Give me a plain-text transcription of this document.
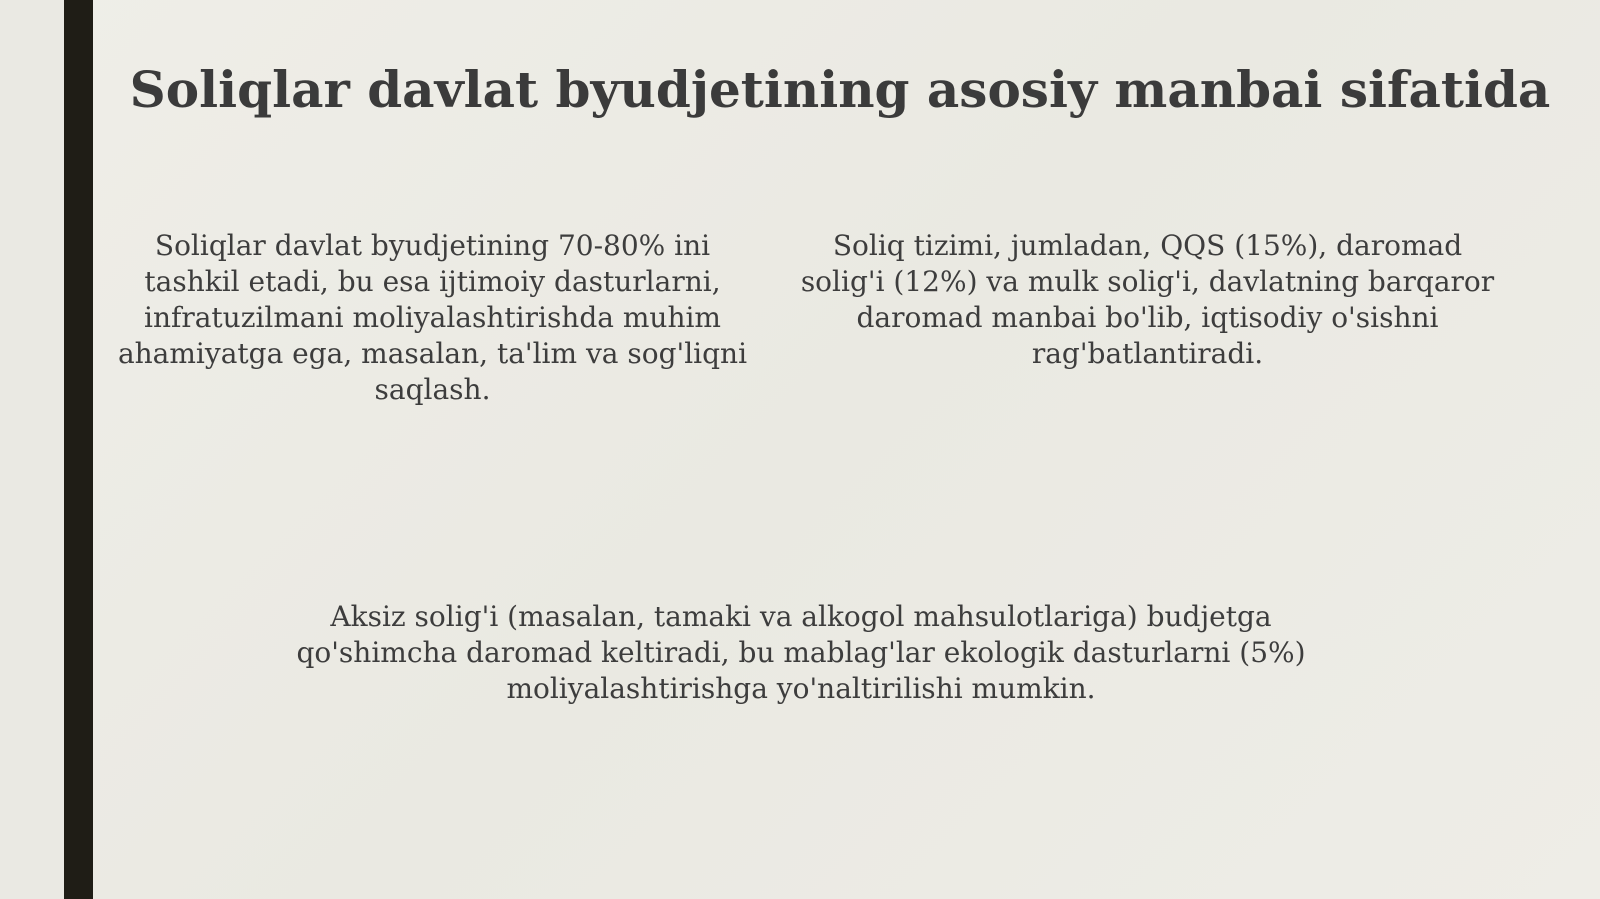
Soliqlar davlat byudjetining asosiy manbai sifatida

Soliqlar davlat byudjetining 70-80% ini tashkil etadi, bu esa ijtimoiy dasturlarni, infratuzilmani moliyalashtirishda muhim ahamiyatga ega, masalan, ta'lim va sog'liqni saqlash.

Soliq tizimi, jumladan, QQS (15%), daromad solig'i (12%) va mulk solig'i, davlatning barqaror daromad manbai bo'lib, iqtisodiy o'sishni rag'batlantiradi.

Aksiz solig'i (masalan, tamaki va alkogol mahsulotlariga) budjetga qo'shimcha daromad keltiradi, bu mablag'lar ekologik dasturlarni (5%) moliyalashtirishga yo'naltirilishi mumkin.
